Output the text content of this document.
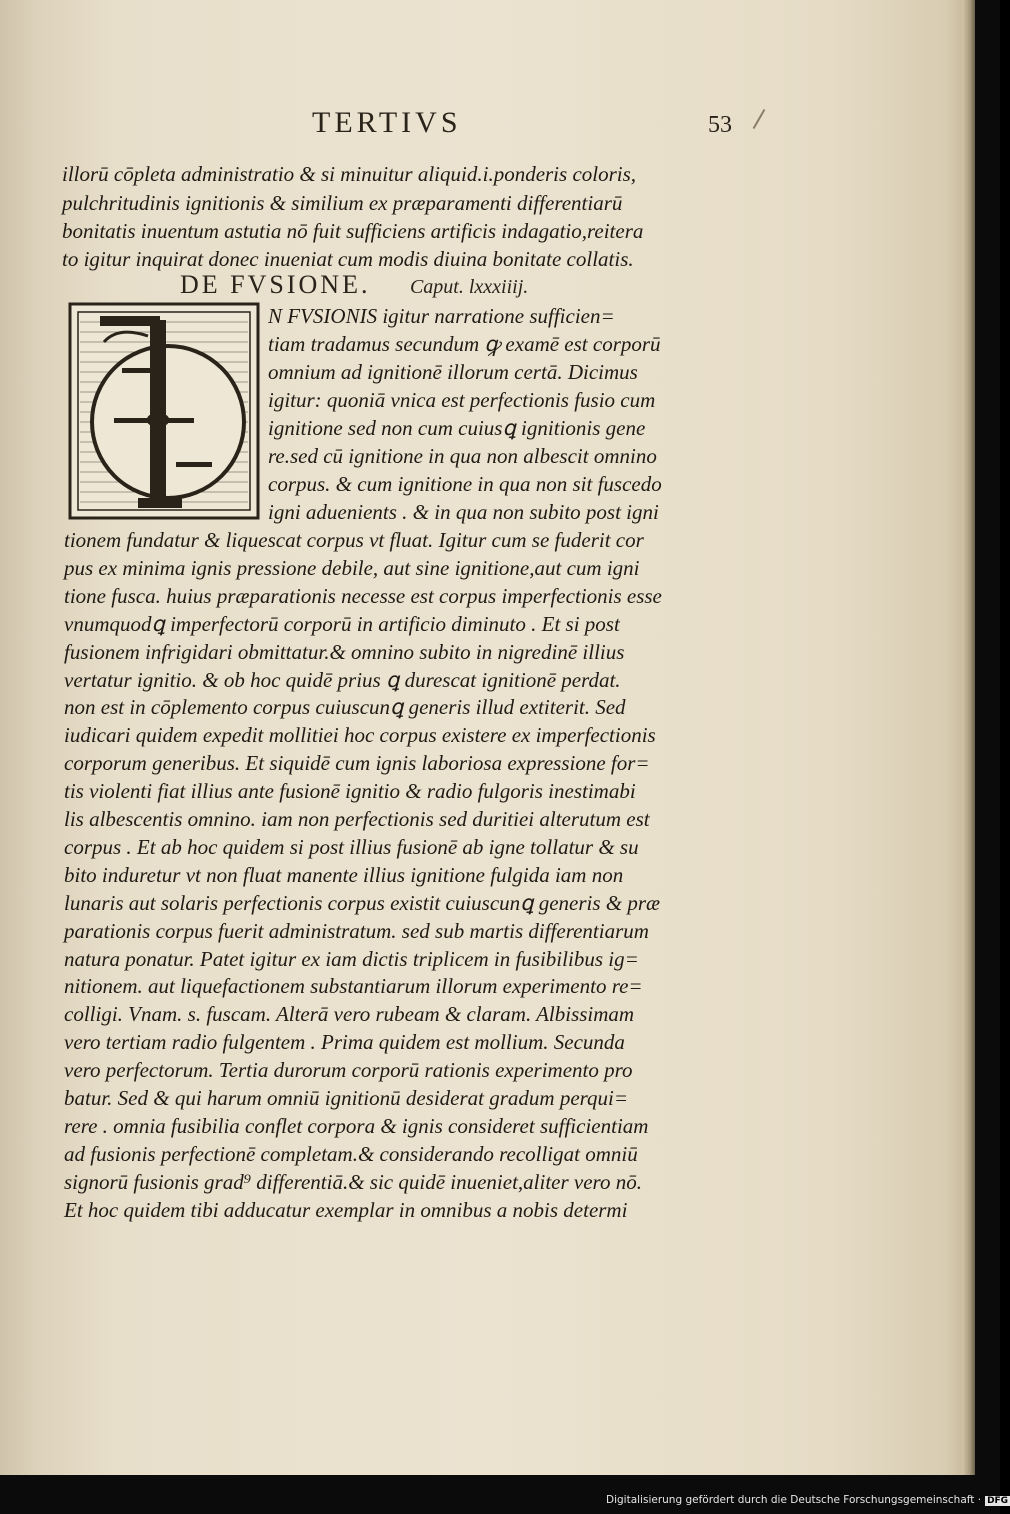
TERTIVS	53
illorū cōpleta administratio & si minuitur aliquid.i.ponderis coloris,
pulchritudinis ignitionis & similium ex præparamenti differentiarū
bonitatis inuentum astutia nō fuit sufficiens artificis indagatio,reitera
to igitur inquirat donec inueniat cum modis diuina bonitate collatis.
DE FVSIONE. Caput. lxxxiiij.
N FVSIONIS igitur narratione sufficien=
tiam tradamus secundum ꝙ examē est corporū
omnium ad ignitionē illorum certā. Dicimus
igitur: quoniā vnica est perfectionis fusio cum
ignitione sed non cum cuiusꝗ ignitionis gene
re.sed cū ignitione in qua non albescit omnino
corpus. & cum ignitione in qua non sit fuscedo
igni aduenients . & in qua non subito post igni
tionem fundatur & liquescat corpus vt fluat. Igitur cum se fuderit cor
pus ex minima ignis pressione debile, aut sine ignitione,aut cum igni
tione fusca. huius præparationis necesse est corpus imperfectionis esse
vnumquodꝗ imperfectorū corporū in artificio diminuto . Et si post
fusionem infrigidari obmittatur.& omnino subito in nigredinē illius
vertatur ignitio. & ob hoc quidē prius ꝗ durescat ignitionē perdat.
non est in cōplemento corpus cuiuscunꝗ generis illud extiterit. Sed
iudicari quidem expedit mollitiei hoc corpus existere ex imperfectionis
corporum generibus. Et siquidē cum ignis laboriosa expressione for=
tis violenti fiat illius ante fusionē ignitio & radio fulgoris inestimabi
lis albescentis omnino. iam non perfectionis sed duritiei alterutum est
corpus . Et ab hoc quidem si post illius fusionē ab igne tollatur & su
bito induretur vt non fluat manente illius ignitione fulgida iam non
lunaris aut solaris perfectionis corpus existit cuiuscunꝗ generis & præ
parationis corpus fuerit administratum. sed sub martis differentiarum
natura ponatur. Patet igitur ex iam dictis triplicem in fusibilibus ig=
nitionem. aut liquefactionem substantiarum illorum experimento re=
colligi. Vnam. s. fuscam. Alterā vero rubeam & claram. Albissimam
vero tertiam radio fulgentem . Prima quidem est mollium. Secunda
vero perfectorum. Tertia durorum corporū rationis experimento pro
batur. Sed & qui harum omniū ignitionū desiderat gradum perqui=
rere . omnia fusibilia conflet corpora & ignis consideret sufficientiam
ad fusionis perfectionē completam.& considerando recolligat omniū
signorū fusionis grad⁹ differentiā.& sic quidē inueniet,aliter vero nō.
Et hoc quidem tibi adducatur exemplar in omnibus a nobis determi
Digitalisierung gefördert durch die Deutsche Forschungsgemeinschaft · DFG
